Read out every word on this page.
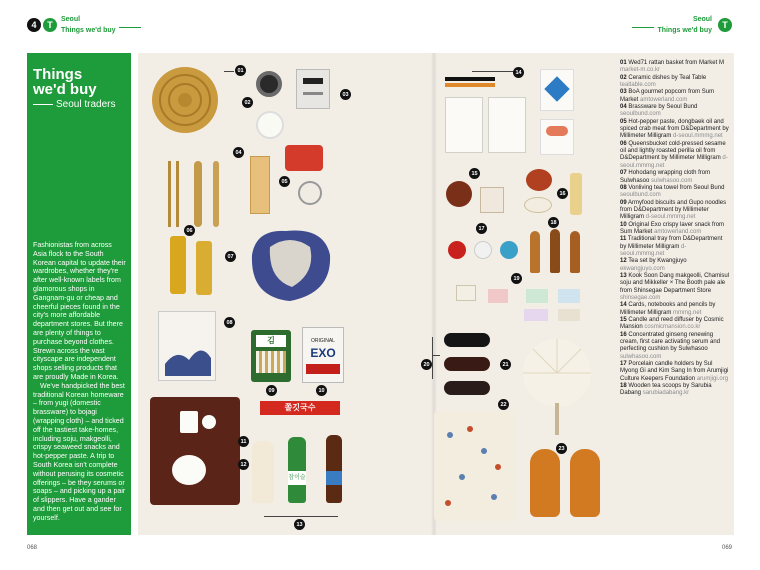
4	T
Seoul
Things we'd buy
Seoul
Things we'd buy	T
Things
we'd buy
Seoul traders

Fashionistas from across Asia flock to the South Korean capital to update their wardrobes, whether they're after well-known labels from glamorous shops in Gangnam-gu or cheap and cheerful pieces found in the city's more affordable department stores. But there are plenty of things to purchase beyond clothes. Strewn across the vast cityscape are independent shops selling products that are proudly Made in Korea.

We've handpicked the best traditional Korean homeware – from yugi (domestic brassware) to bojagi (wrapping cloth) – and ticked off the tastiest take-homes, including soju, makgeolli, crispy seaweed snacks and hot-pepper paste. A trip to South Korea isn't complete without perusing its cosmetic offerings – be they serums or soaps – and picking up a pair of slippers. Have a gander and then get out and see for yourself.

김	ORIGINAL
EXO
쫄깃국수
참이슬
01
02
03
04
05
06
07
08
09	10
11
12
13
14
15
16
17
18
19
20	21
22
23
01 Wed71 rattan basket from Market M market-m.co.kr
02 Ceramic dishes by Teal Table tealtable.com
03 BoA gourmet popcorn from Sum Market amtowerland.com
04 Brassware by Seoul Bund seoulbund.com
05 Hot-pepper paste, dongbaek oil and spiced crab meat from D&Department by Millimeter Milligram d-seoul.mmmg.net
06 Queensbucket cold-pressed sesame oil and lightly roasted perilla oil from D&Department by Millimeter Milligram d-seoul.mmmg.net
07 Hohodang wrapping cloth from Sulwhasoo sulwhasoo.com
08 Vonliving tea towel from Seoul Bund seoulbund.com
09 Armyfood biscuits and Gupo noodles from D&Department by Millimeter Milligram d-seoul.mmmg.net
10 Original Exo crispy laver snack from Sum Market amtowerland.com
11 Traditional tray from D&Department by Millimeter Milligram d-seoul.mmmg.net
12 Tea set by Kwangjuyo ekwangjuyo.com
13 Kook Soon Dang makgeolli, Chamisul soju and Mikkeller × The Booth pale ale from Shinsegae Department Store shinsegae.com
14 Cards, notebooks and pencils by Millimeter Milligram mmmg.net
15 Candle and reed diffuser by Cosmic Mansion cosmicmansion.co.kr
16 Concentrated ginseng renewing cream, first care activating serum and perfecting cushion by Sulwhasoo sulwhasoo.com
17 Porcelain candle holders by Sul Myong Gi and Kim Sang In from Arumjigi Culture Keepers Foundation arumjigi.org
18 Wooden tea scoops by Sarubia Dabang sarubiadabang.kr
068	069
